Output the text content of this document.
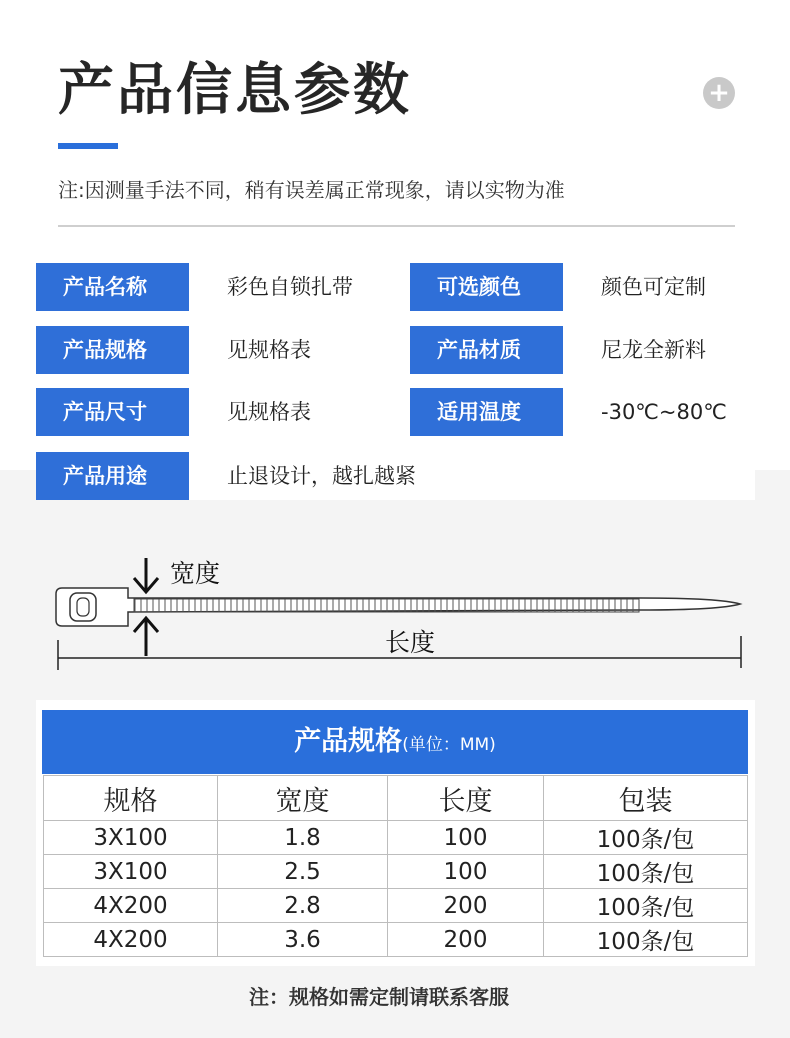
产品信息参数	+
注:因测量手法不同，稍有误差属正常现象，请以实物为准
产品名称	彩色自锁扎带	可选颜色	颜色可定制
产品规格	见规格表	产品材质	尼龙全新料
产品尺寸	见规格表	适用温度	-30℃~80℃
产品用途	止退设计，越扎越紧
宽度
长度
产品规格(单位：MM)
规格	宽度	长度	包装
3X100	1.8	100	100条/包
3X100	2.5	100	100条/包
4X200	2.8	200	100条/包
4X200	3.6	200	100条/包
注：规格如需定制请联系客服
